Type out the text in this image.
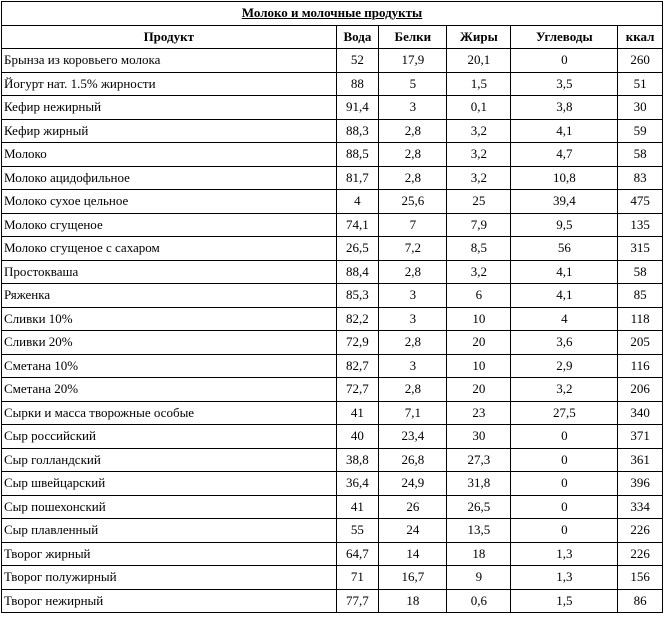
Молоко и молочные продукты					
Продукт	Вода	Белки	Жиры	Углеводы	ккал
Брынза из коровьего молока	52	17,9	20,1	0	260
Йогурт нат. 1.5% жирности	88	5	1,5	3,5	51
Кефир нежирный	91,4	3	0,1	3,8	30
Кефир жирный	88,3	2,8	3,2	4,1	59
Молоко	88,5	2,8	3,2	4,7	58
Молоко ацидофильное	81,7	2,8	3,2	10,8	83
Молоко сухое цельное	4	25,6	25	39,4	475
Молоко сгущеное	74,1	7	7,9	9,5	135
Молоко сгущеное с сахаром	26,5	7,2	8,5	56	315
Простокваша	88,4	2,8	3,2	4,1	58
Ряженка	85,3	3	6	4,1	85
Сливки 10%	82,2	3	10	4	118
Сливки 20%	72,9	2,8	20	3,6	205
Сметана 10%	82,7	3	10	2,9	116
Сметана 20%	72,7	2,8	20	3,2	206
Сырки и масса творожные особые	41	7,1	23	27,5	340
Сыр российский	40	23,4	30	0	371
Сыр голландский	38,8	26,8	27,3	0	361
Сыр швейцарский	36,4	24,9	31,8	0	396
Сыр пошехонский	41	26	26,5	0	334
Сыр плавленный	55	24	13,5	0	226
Творог жирный	64,7	14	18	1,3	226
Творог полужирный	71	16,7	9	1,3	156
Творог нежирный	77,7	18	0,6	1,5	86
